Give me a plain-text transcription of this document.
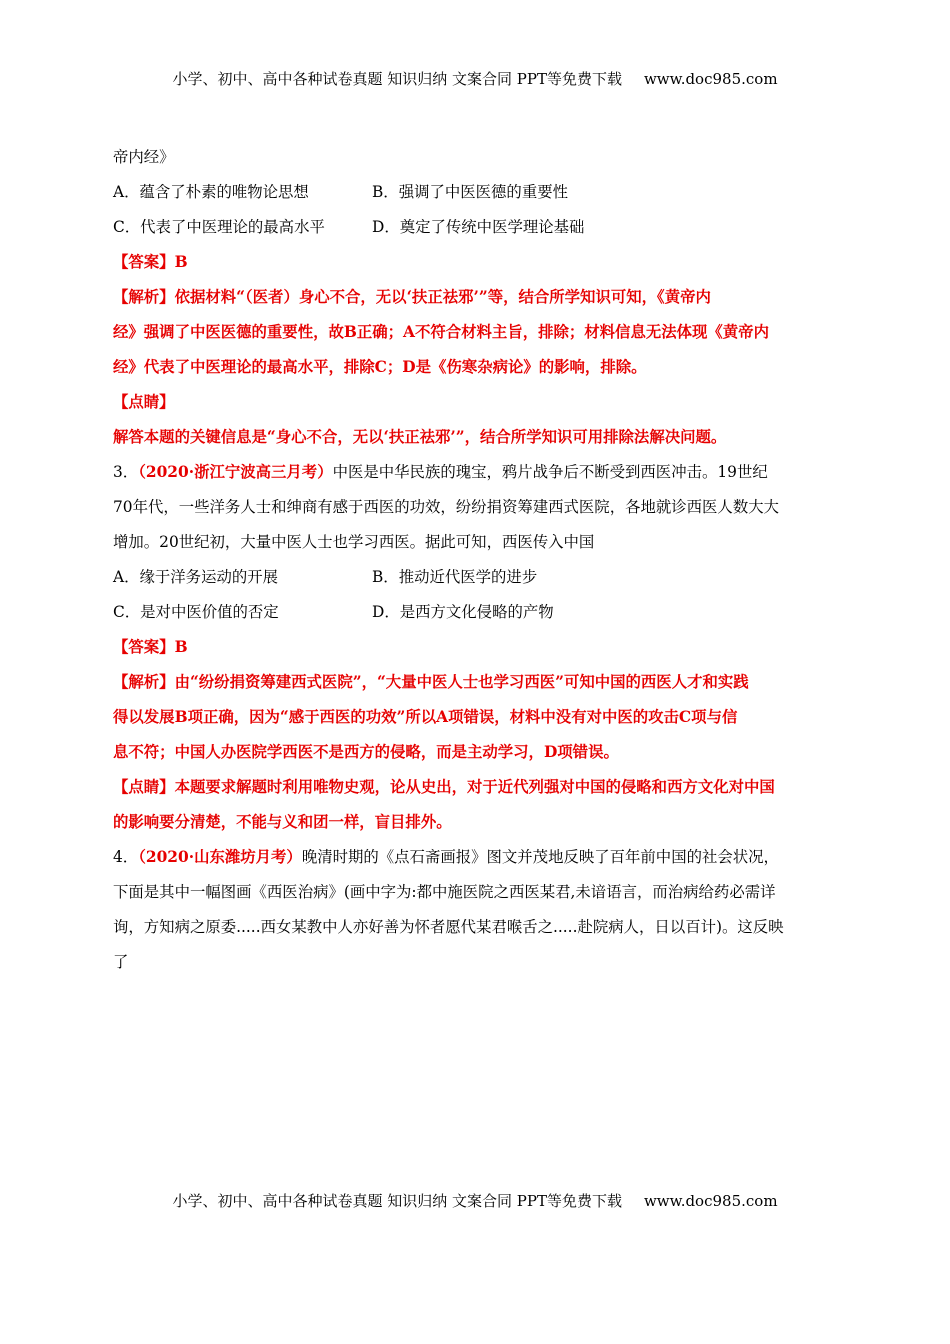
小学、初中、高中各种试卷真题 知识归纳 文案合同 PPT等免费下载 www.doc985.com
帝内经》
A．蕴含了朴素的唯物论思想	B．强调了中医医德的重要性
C．代表了中医理论的最高水平	D．奠定了传统中医学理论基础
【答案】B
【解析】依据材料“（医者）身心不合，无以‘扶正祛邪’”等，结合所学知识可知，《黄帝内
经》强调了中医医德的重要性，故B正确；A不符合材料主旨，排除；材料信息无法体现《黄帝内
经》代表了中医理论的最高水平，排除C；D是《伤寒杂病论》的影响，排除。
【点睛】
解答本题的关键信息是“身心不合，无以‘扶正祛邪’”，结合所学知识可用排除法解决问题。
3．（2020·浙江宁波高三月考）中医是中华民族的瑰宝，鸦片战争后不断受到西医冲击。19世纪
70年代，一些洋务人士和绅商有感于西医的功效，纷纷捐资筹建西式医院，各地就诊西医人数大大
增加。20世纪初，大量中医人士也学习西医。据此可知，西医传入中国
A．缘于洋务运动的开展	B．推动近代医学的进步
C．是对中医价值的否定	D．是西方文化侵略的产物
【答案】B
【解析】由“纷纷捐资筹建西式医院”，“大量中医人士也学习西医”可知中国的西医人才和实践
得以发展B项正确，因为“感于西医的功效”所以A项错误，材料中没有对中医的攻击C项与信
息不符；中国人办医院学西医不是西方的侵略，而是主动学习，D项错误。
【点睛】本题要求解题时利用唯物史观，论从史出，对于近代列强对中国的侵略和西方文化对中国
的影响要分清楚，不能与义和团一样，盲目排外。
4．（2020·山东潍坊月考）晚清时期的《点石斋画报》图文并茂地反映了百年前中国的社会状况，
下面是其中一幅图画《西医治病》(画中字为:都中施医院之西医某君,未谙语言，而治病给药必需详
询，方知病之原委.....西女某教中人亦好善为怀者愿代某君喉舌之.....赴院病人，日以百计)。这反映
了
小学、初中、高中各种试卷真题 知识归纳 文案合同 PPT等免费下载 www.doc985.com
